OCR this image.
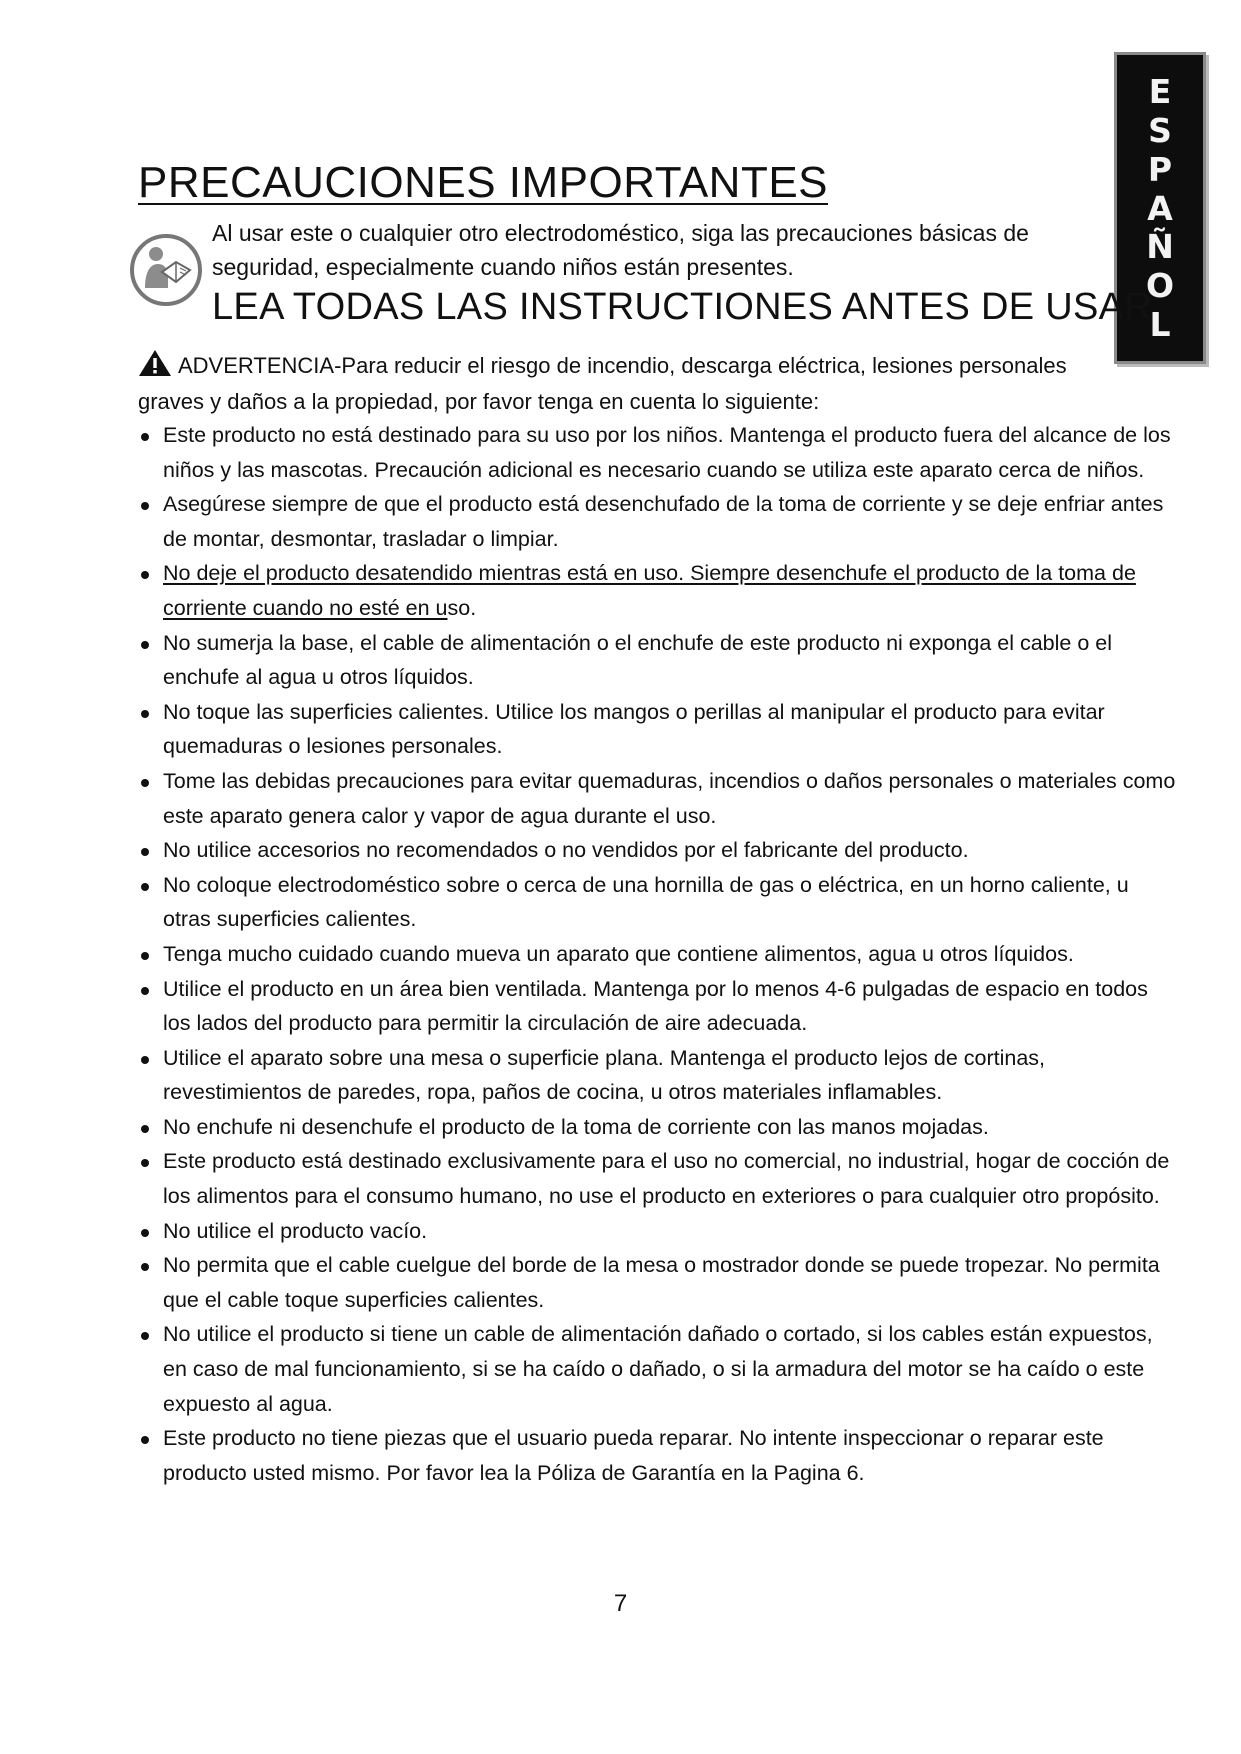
E
S
P
A
Ñ
O
L
PRECAUCIONES IMPORTANTES

Al usar este o cualquier otro electrodoméstico, siga las precauciones básicas de seguridad, especialmente cuando niños están presentes.

LEA TODAS LAS INSTRUCTIONES ANTES DE USAR

ADVERTENCIA-Para reducir el riesgo de incendio, descarga eléctrica, lesiones personales graves y daños a la propiedad, por favor tenga en cuenta lo siguiente:

Este producto no está destinado para su uso por los niños. Mantenga el producto fuera del alcance de los niños y las mascotas. Precaución adicional es necesario cuando se utiliza este aparato cerca de niños.
Asegúrese siempre de que el producto está desenchufado de la toma de corriente y se deje enfriar antes de montar, desmontar, trasladar o limpiar.
No deje el producto desatendido mientras está en uso. Siempre desenchufe el producto de la toma de corriente cuando no esté en uso.
No sumerja la base, el cable de alimentación o el enchufe de este producto ni exponga el cable o el enchufe al agua u otros líquidos.
No toque las superficies calientes. Utilice los mangos o perillas al manipular el producto para evitar quemaduras o lesiones personales.
Tome las debidas precauciones para evitar quemaduras, incendios o daños personales o materiales como este aparato genera calor y vapor de agua durante el uso.
No utilice accesorios no recomendados o no vendidos por el fabricante del producto.
No coloque electrodoméstico sobre o cerca de una hornilla de gas o eléctrica, en un horno caliente, u otras superficies calientes.
Tenga mucho cuidado cuando mueva un aparato que contiene alimentos, agua u otros líquidos.
Utilice el producto en un área bien ventilada. Mantenga por lo menos 4-6 pulgadas de espacio en todos los lados del producto para permitir la circulación de aire adecuada.
Utilice el aparato sobre una mesa o superficie plana. Mantenga el producto lejos de cortinas, revestimientos de paredes, ropa, paños de cocina, u otros materiales inflamables.
No enchufe ni desenchufe el producto de la toma de corriente con las manos mojadas.
Este producto está destinado exclusivamente para el uso no comercial, no industrial, hogar de cocción de los alimentos para el consumo humano, no use el producto en exteriores o para cualquier otro propósito.
No utilice el producto vacío.
No permita que el cable cuelgue del borde de la mesa o mostrador donde se puede tropezar. No permita que el cable toque superficies calientes.
No utilice el producto si tiene un cable de alimentación dañado o cortado, si los cables están expuestos, en caso de mal funcionamiento, si se ha caído o dañado, o si la armadura del motor se ha caído o este expuesto al agua.
Este producto no tiene piezas que el usuario pueda reparar. No intente inspeccionar o reparar este producto usted mismo. Por favor lea la Póliza de Garantía en la Pagina 6.
7
